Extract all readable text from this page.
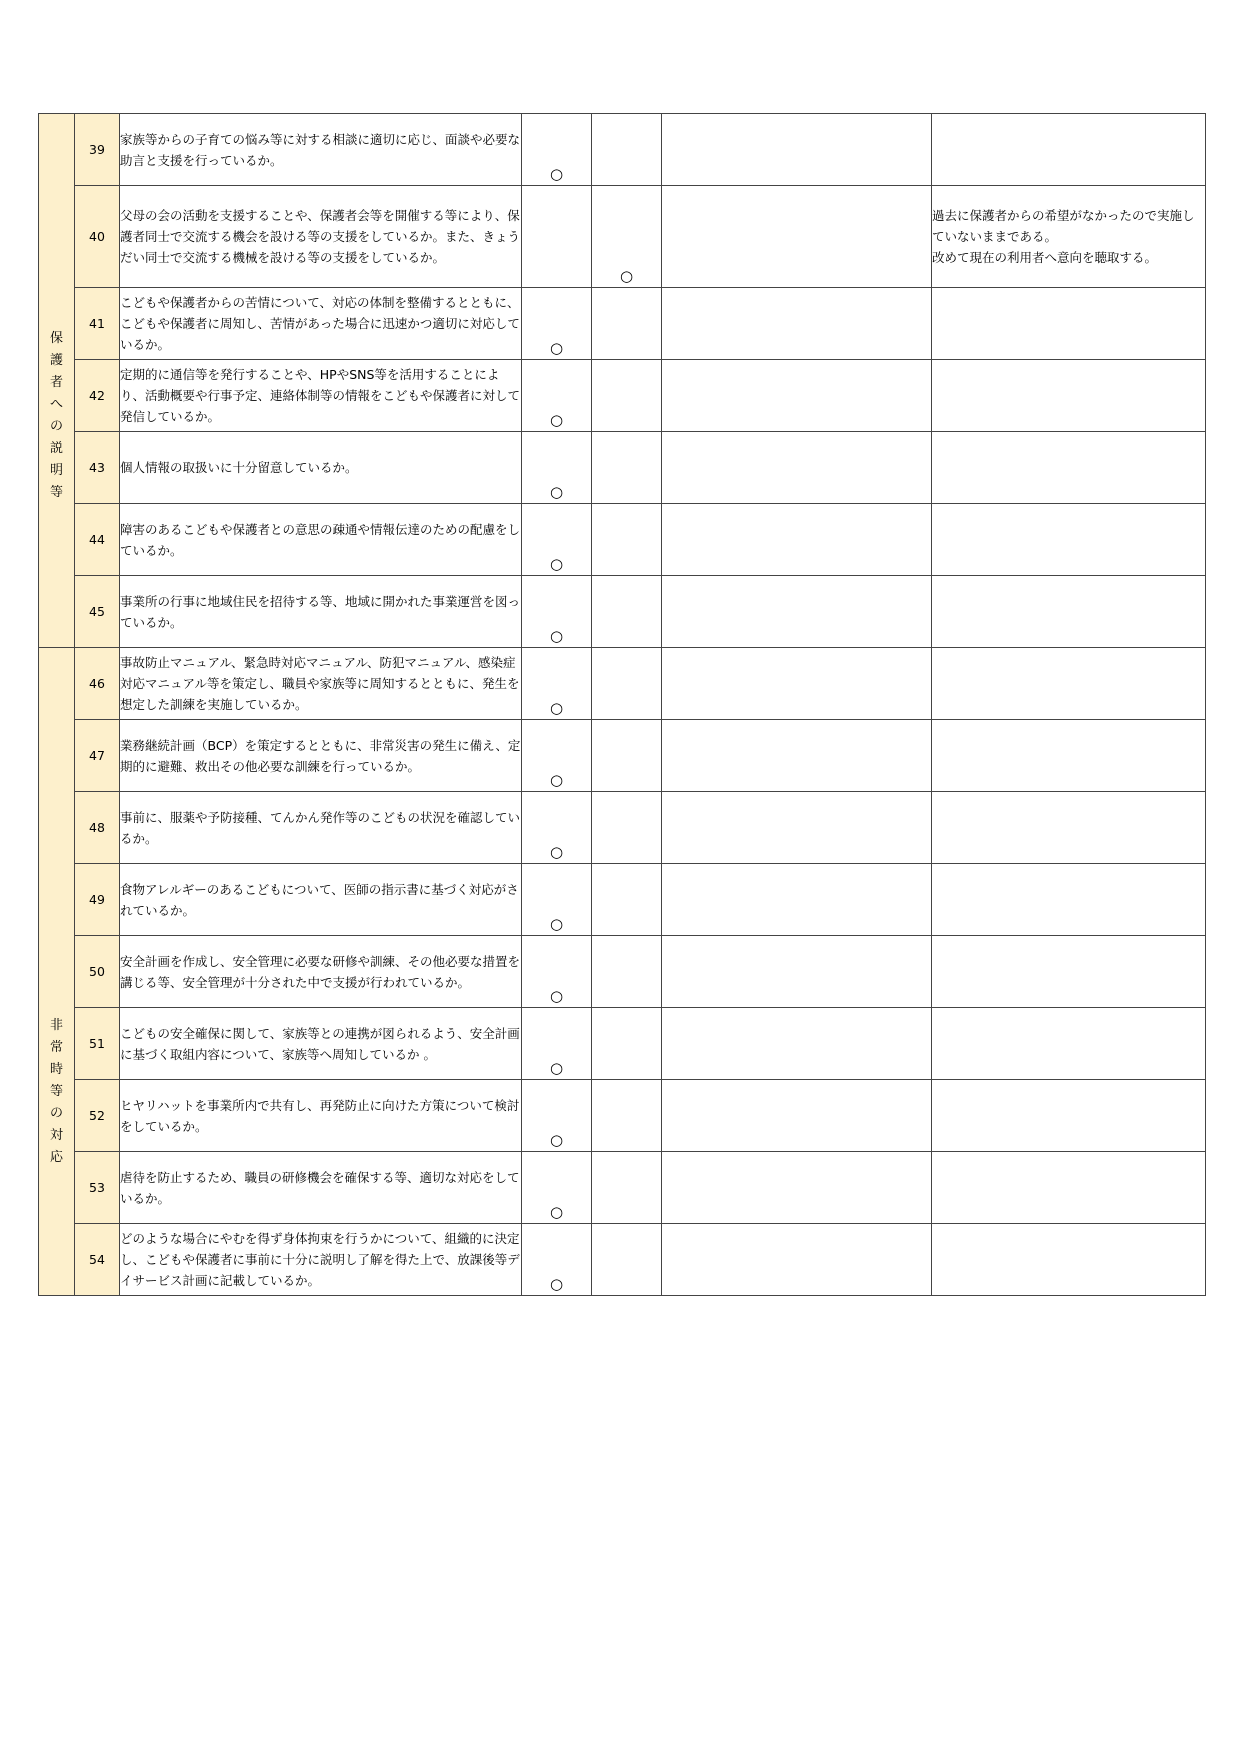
保護者への説明等	39	家族等からの子育ての悩み等に対する相談に適切に応じ、面談や必要な助言と支援を行っているか。	○			

	40	父母の会の活動を支援することや、保護者会等を開催する等により、保護者同士で交流する機会を設ける等の支援をしているか。また、きょうだい同士で交流する機械を設ける等の支援をしているか。		○		過去に保護者からの希望がなかったので実施していないままである。
改めて現在の利用者へ意向を聴取する。
	41	こどもや保護者からの苦情について、対応の体制を整備するとともに、こどもや保護者に周知し、苦情があった場合に迅速かつ適切に対応しているか。	○			

	42	定期的に通信等を発行することや、HPやSNS等を活用することにより、活動概要や行事予定、連絡体制等の情報をこどもや保護者に対して発信しているか。	○			

	43	個人情報の取扱いに十分留意しているか。	○			

	44	障害のあるこどもや保護者との意思の疎通や情報伝達のための配慮をしているか。	○			

	45	事業所の行事に地域住民を招待する等、地域に開かれた事業運営を図っているか。	○			

非常時等の対応	46	事故防止マニュアル、緊急時対応マニュアル、防犯マニュアル、感染症対応マニュアル等を策定し、職員や家族等に周知するとともに、発生を想定した訓練を実施しているか。	○			

	47	業務継続計画（BCP）を策定するとともに、非常災害の発生に備え、定期的に避難、救出その他必要な訓練を行っているか。	○			

	48	事前に、服薬や予防接種、てんかん発作等のこどもの状況を確認しているか。	○			

	49	食物アレルギーのあるこどもについて、医師の指示書に基づく対応がされているか。	○			

	50	安全計画を作成し、安全管理に必要な研修や訓練、その他必要な措置を講じる等、安全管理が十分された中で支援が行われているか。	○			

	51	こどもの安全確保に関して、家族等との連携が図られるよう、安全計画に基づく取組内容について、家族等へ周知しているか 。	○			

	52	ヒヤリハットを事業所内で共有し、再発防止に向けた方策について検討をしているか。	○			

	53	虐待を防止するため、職員の研修機会を確保する等、適切な対応をしているか。	○			

	54	どのような場合にやむを得ず身体拘束を行うかについて、組織的に決定し、こどもや保護者に事前に十分に説明し了解を得た上で、放課後等デイサービス計画に記載しているか。	○			
